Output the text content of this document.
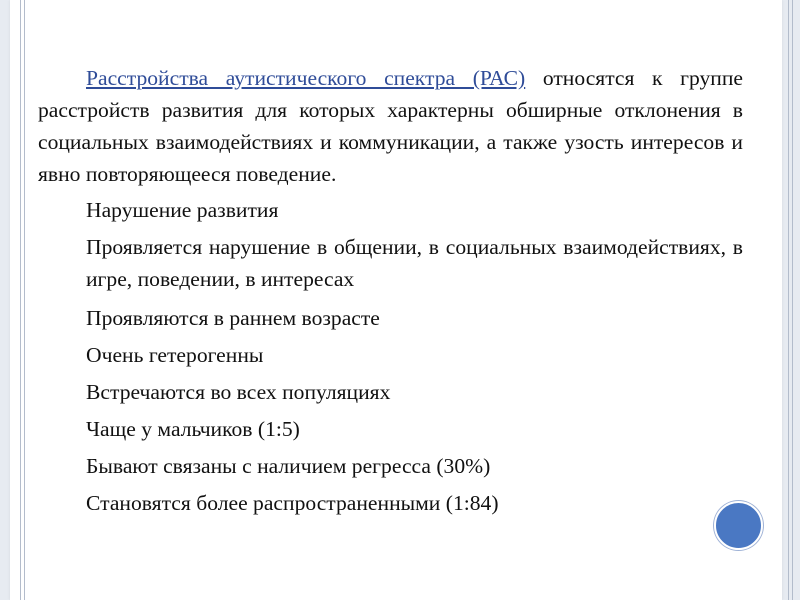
Расстройства аутистического спектра (РАС) относятся к группе расстройств развития для которых характерны обширные отклонения в социальных взаимодействиях и коммуникации, а также узость интересов и явно повторяющееся поведение.

Нарушение развития
Проявляется нарушение в общении, в социальных взаимодействиях, в игре, поведении, в интересах
Проявляются в раннем возрасте
Очень гетерогенны
Встречаются во всех популяциях
Чаще у мальчиков (1:5)
Бывают связаны с наличием регресса (30%)
Становятся более распространенными (1:84)
